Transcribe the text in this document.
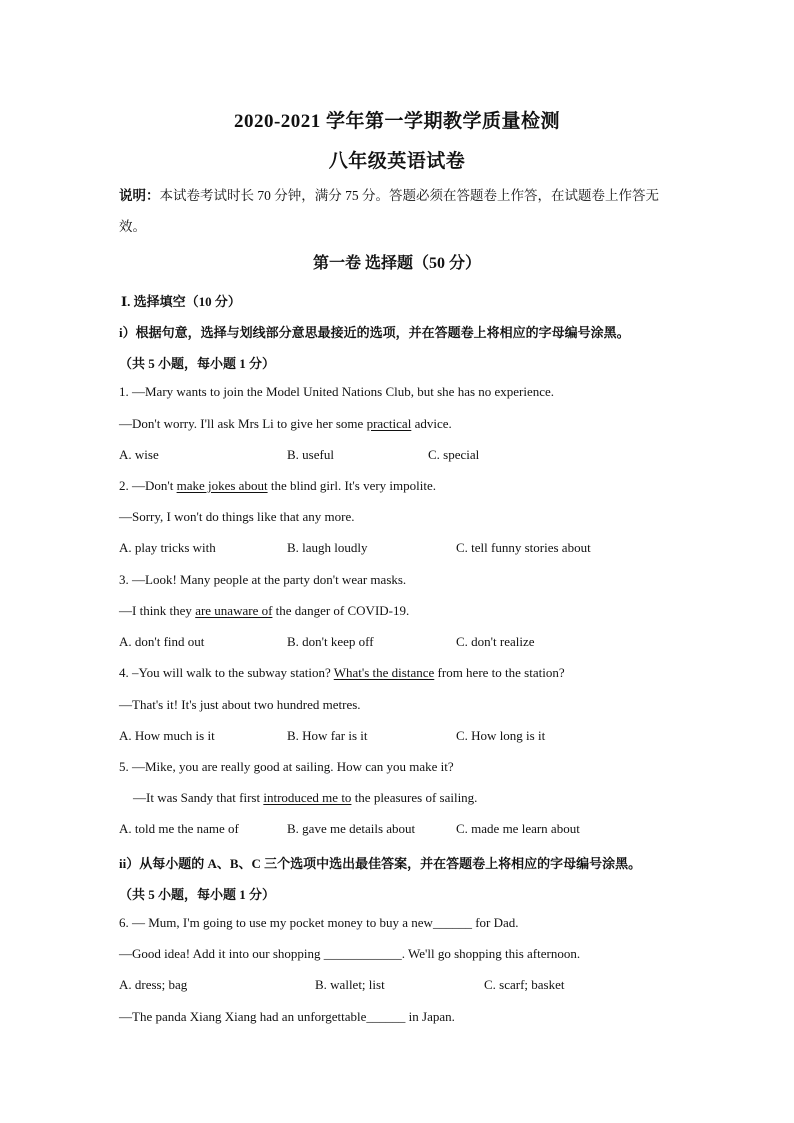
2020-2021 学年第一学期教学质量检测
八年级英语试卷
说明：本试卷考试时长 70 分钟，满分 75 分。答题必须在答题卷上作答，在试题卷上作答无效。
第一卷 选择题（50 分）
Ⅰ. 选择填空（10 分）
i）根据句意，选择与划线部分意思最接近的选项，并在答题卷上将相应的字母编号涂黑。
（共 5 小题，每小题 1 分）
1. —Mary wants to join the Model United Nations Club, but she has no experience.
—Don't worry. I'll ask Mrs Li to give her some practical advice.
A. wise	B. useful	C. special
2. —Don't make jokes about the blind girl. It's very impolite.
—Sorry, I won't do things like that any more.
A. play tricks with	B. laugh loudly	C. tell funny stories about
3. —Look! Many people at the party don't wear masks.
—I think they are unaware of the danger of COVID-19.
A. don't find out	B. don't keep off	C. don't realize
4. –You will walk to the subway station? What's the distance from here to the station?
—That's it! It's just about two hundred metres.
A. How much is it	B. How far is it	C. How long is it
5. —Mike, you are really good at sailing. How can you make it?
—It was Sandy that first introduced me to the pleasures of sailing.
A. told me the name of	B. gave me details about	C. made me learn about
ii）从每小题的 A、B、C 三个选项中选出最佳答案，并在答题卷上将相应的字母编号涂黑。
（共 5 小题，每小题 1 分）
6. — Mum, I'm going to use my pocket money to buy a new______ for Dad.
—Good idea! Add it into our shopping ____________. We'll go shopping this afternoon.
A. dress; bag	B. wallet; list	C. scarf; basket
—The panda Xiang Xiang had an unforgettable______ in Japan.
